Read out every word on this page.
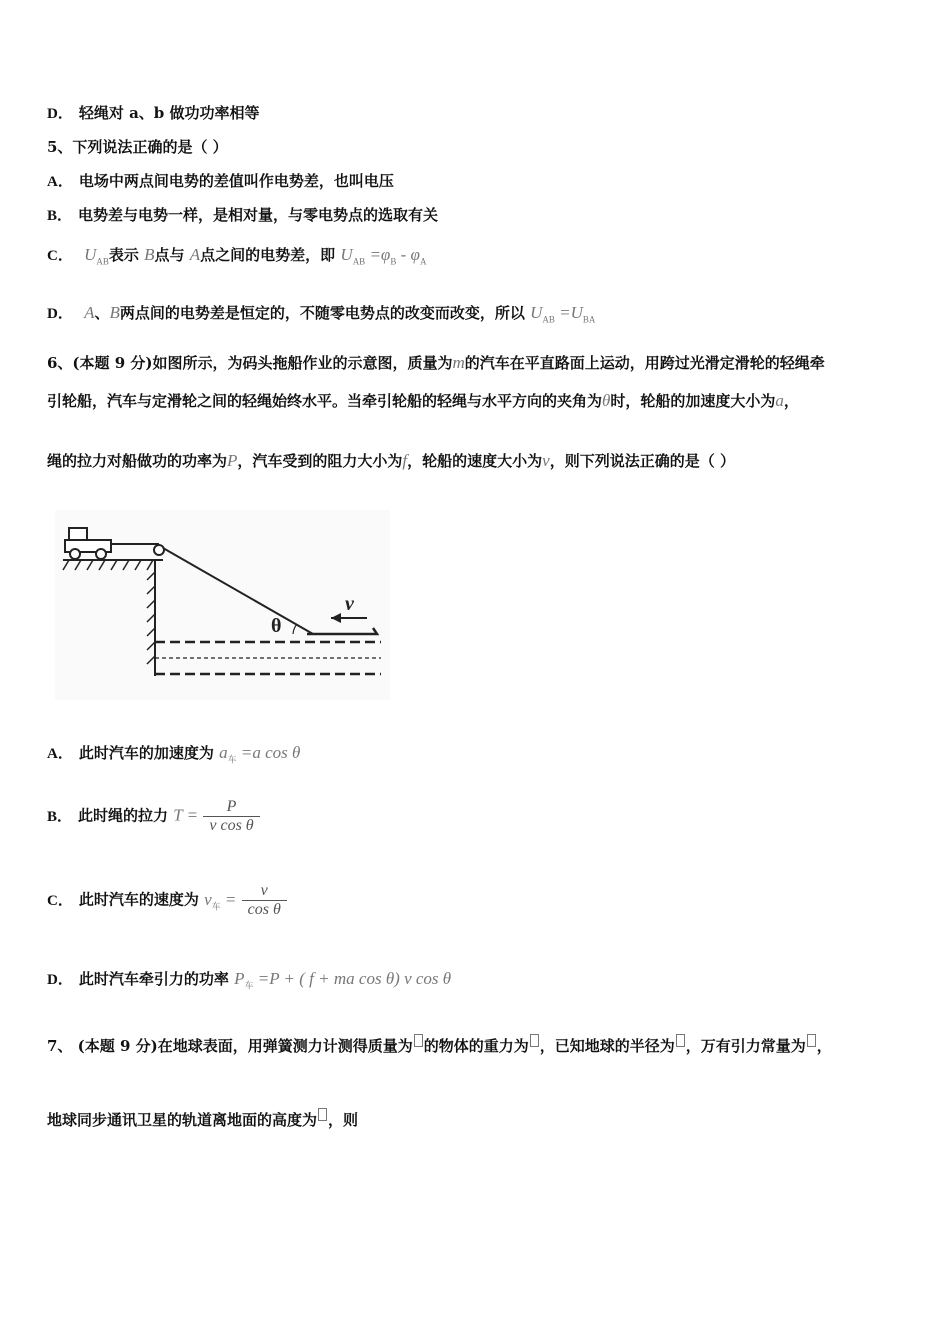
D． 轻绳对 a、b 做功功率相等
5、下列说法正确的是（ ）
A． 电场中两点间电势的差值叫作电势差，也叫电压
B． 电势差与电势一样，是相对量，与零电势点的选取有关
C． $U_{AB}$表示 B点与 A点之间的电势差，即 $U_{AB} =\varphi_B - \varphi_A$
D． A、B两点间的电势差是恒定的，不随零电势点的改变而改变，所以 $U_{AB} =U_{BA}$
6、(本题 9 分)如图所示，为码头拖船作业的示意图，质量为m的汽车在平直路面上运动，用跨过光滑定滑轮的轻绳牵
引轮船，汽车与定滑轮之间的轻绳始终水平。当牵引轮船的轻绳与水平方向的夹角为θ时，轮船的加速度大小为a，
绳的拉力对船做功的功率为P，汽车受到的阻力大小为f，轮船的速度大小为v，则下列说法正确的是（ ）
θ
v
A． 此时汽车的加速度为 $a_车 =a$ cos θ
B． 此时绳的拉力 $T = \frac{P}{\text{v cos θ}}$
C． 此时汽车的速度为 $v_车 = \frac{v}{\text{cos θ}}$
D． 此时汽车牵引力的功率 $P_车 =P$ + ( f + ma cos θ) v cos θ
7、 (本题 9 分)在地球表面，用弹簧测力计测得质量为 的物体的重力为 ，已知地球的半径为 ，万有引力常量为 ，
地球同步通讯卫星的轨道离地面的高度为 ，则
